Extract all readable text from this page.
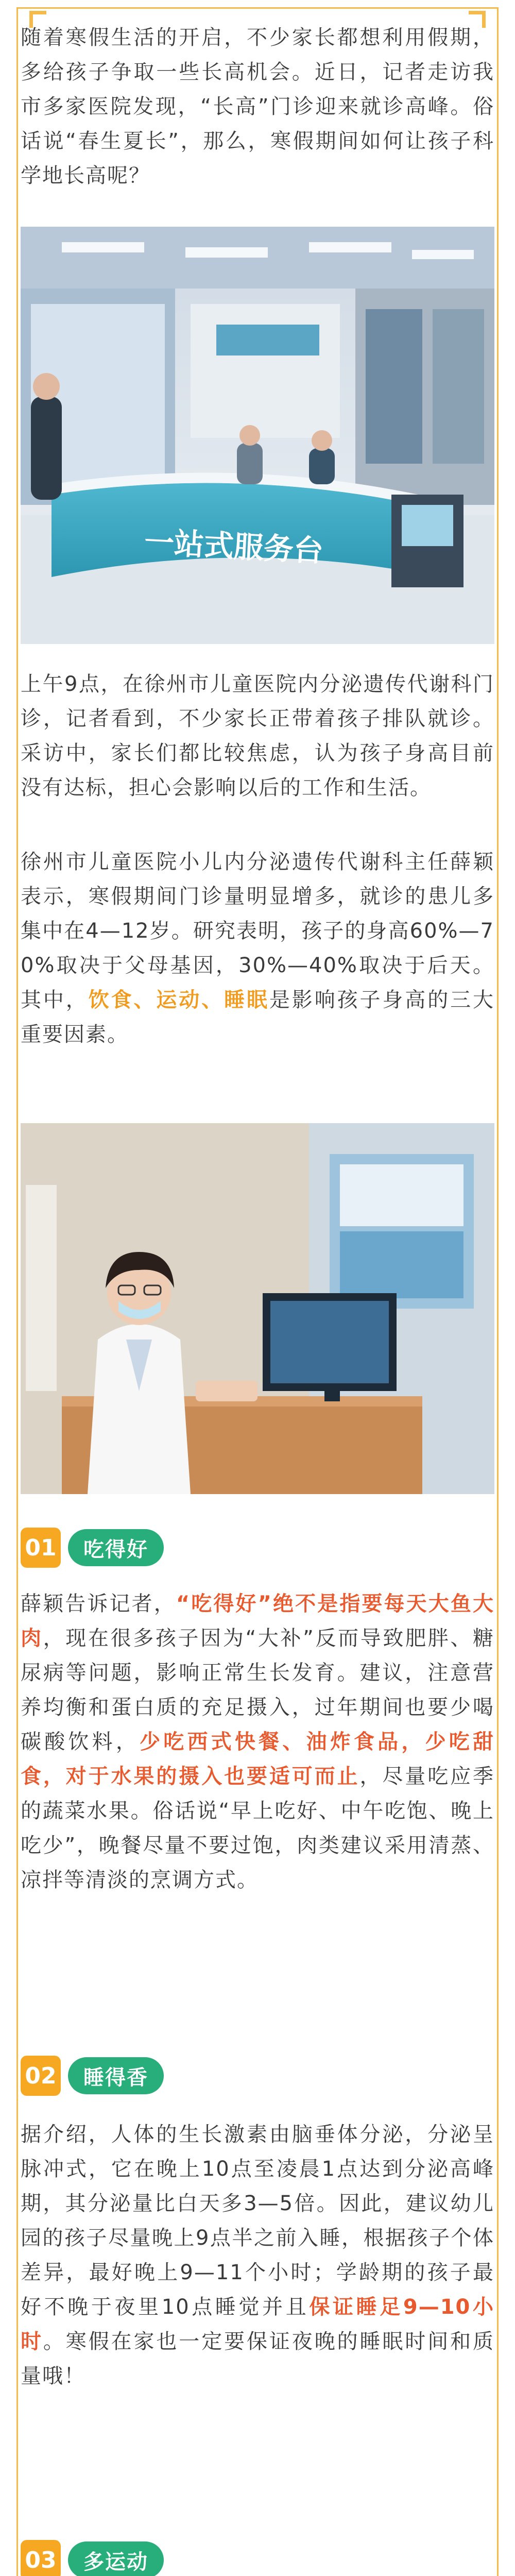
随着寒假生活的开启，不少家长都想利用假期，多给孩子争取一些长高机会。近日，记者走访我市多家医院发现，“长高”门诊迎来就诊高峰。俗话说“春生夏长”，那么，寒假期间如何让孩子科学地长高呢？

一站式服务台

上午9点，在徐州市儿童医院内分泌遗传代谢科门诊，记者看到，不少家长正带着孩子排队就诊。采访中，家长们都比较焦虑，认为孩子身高目前没有达标，担心会影响以后的工作和生活。

徐州市儿童医院小儿内分泌遗传代谢科主任薛颖表示，寒假期间门诊量明显增多，就诊的患儿多集中在4—12岁。研究表明，孩子的身高60%—70%取决于父母基因，30%—40%取决于后天。其中，饮食、运动、睡眠是影响孩子身高的三大重要因素。

01	吃得好

薛颖告诉记者，“吃得好”绝不是指要每天大鱼大肉，现在很多孩子因为“大补”反而导致肥胖、糖尿病等问题，影响正常生长发育。建议，注意营养均衡和蛋白质的充足摄入，过年期间也要少喝碳酸饮料，少吃西式快餐、油炸食品，少吃甜食，对于水果的摄入也要适可而止，尽量吃应季的蔬菜水果。俗话说“早上吃好、中午吃饱、晚上吃少”，晚餐尽量不要过饱，肉类建议采用清蒸、凉拌等清淡的烹调方式。

02	睡得香

据介绍，人体的生长激素由脑垂体分泌，分泌呈脉冲式，它在晚上10点至凌晨1点达到分泌高峰期，其分泌量比白天多3—5倍。因此，建议幼儿园的孩子尽量晚上9点半之前入睡，根据孩子个体差异，最好晚上9—11个小时；学龄期的孩子最好不晚于夜里10点睡觉并且保证睡足9—10小时。寒假在家也一定要保证夜晚的睡眠时间和质量哦！

03	多运动
